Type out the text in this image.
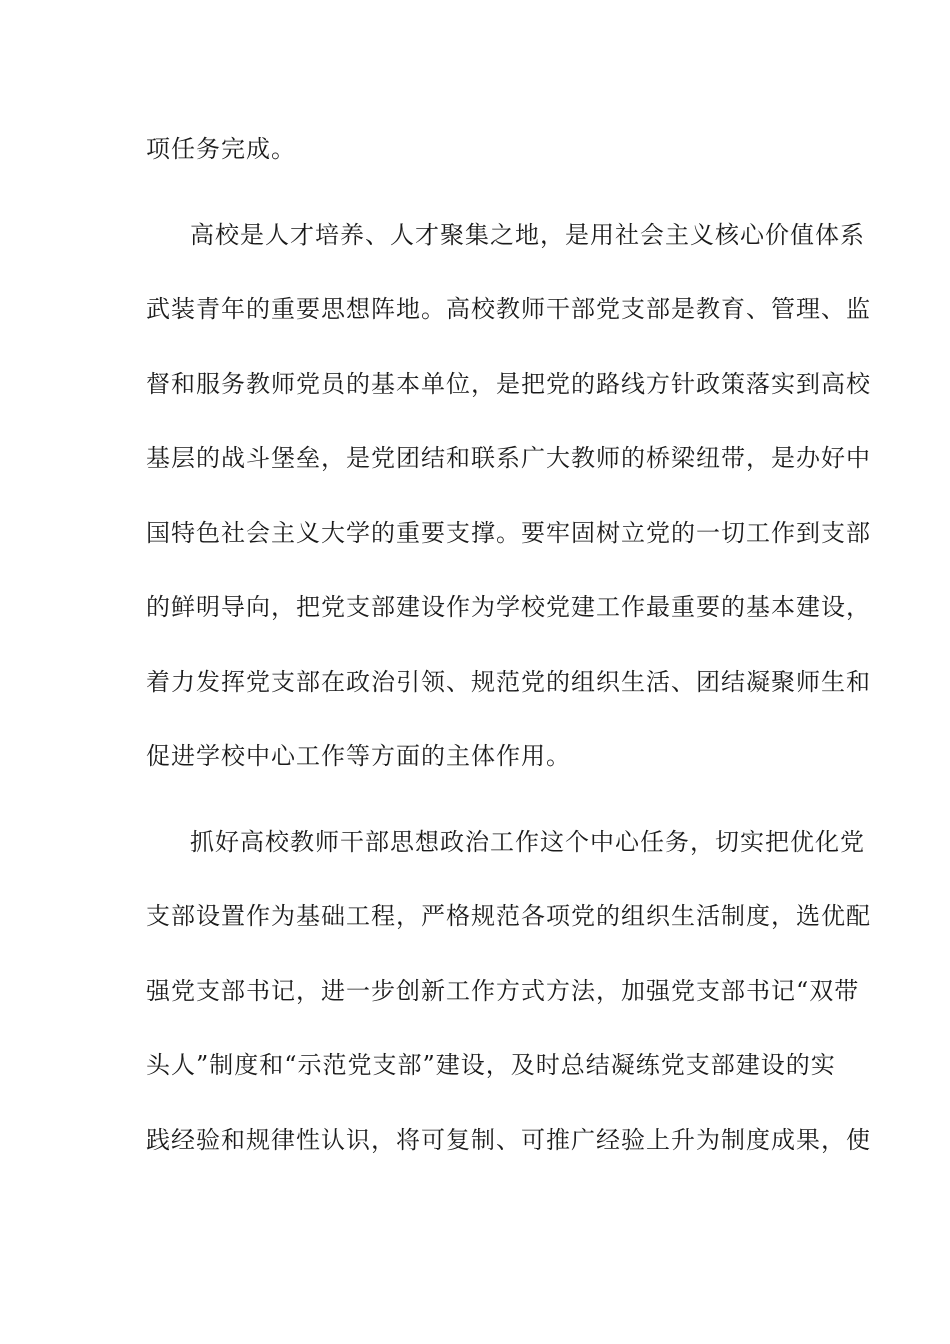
项任务完成。
高校是人才培养、人才聚集之地，是用社会主义核心价值体系
武装青年的重要思想阵地。高校教师干部党支部是教育、管理、监
督和服务教师党员的基本单位，是把党的路线方针政策落实到高校
基层的战斗堡垒，是党团结和联系广大教师的桥梁纽带，是办好中
国特色社会主义大学的重要支撑。要牢固树立党的一切工作到支部
的鲜明导向，把党支部建设作为学校党建工作最重要的基本建设，
着力发挥党支部在政治引领、规范党的组织生活、团结凝聚师生和
促进学校中心工作等方面的主体作用。
抓好高校教师干部思想政治工作这个中心任务，切实把优化党
支部设置作为基础工程，严格规范各项党的组织生活制度，选优配
强党支部书记，进一步创新工作方式方法，加强党支部书记“双带
头人”制度和“示范党支部”建设，及时总结凝练党支部建设的实
践经验和规律性认识，将可复制、可推广经验上升为制度成果，使
